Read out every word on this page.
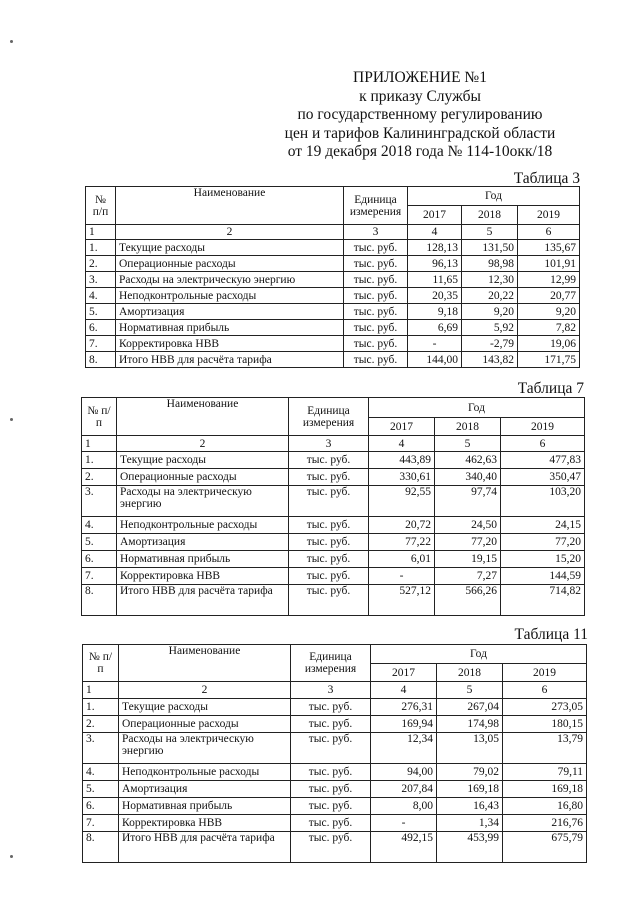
ПРИЛОЖЕНИЕ №1
к приказу Службы
по государственному регулированию
цен и тарифов Калининградской области
от 19 декабря 2018 года № 114-10окк/18
Таблица 3
№ п/п	Наименование	Единица измерения	Год		
			2017	2018	2019
1	2	3	4	5	6
1.	Текущие расходы	тыс. руб.	128,13	131,50	135,67
2.	Операционные расходы	тыс. руб.	96,13	98,98	101,91
3.	Расходы на электрическую энергию	тыс. руб.	11,65	12,30	12,99
4.	Неподконтрольные расходы	тыс. руб.	20,35	20,22	20,77
5.	Амортизация	тыс. руб.	9,18	9,20	9,20
6.	Нормативная прибыль	тыс. руб.	6,69	5,92	7,82
7.	Корректировка НВВ	тыс. руб.	-	-2,79	19,06
8.	Итого НВВ для расчёта тарифа	тыс. руб.	144,00	143,82	171,75
Таблица 7
№ п/п	Наименование	Единица измерения	Год		
			2017	2018	2019
1	2	3	4	5	6
1.	Текущие расходы	тыс. руб.	443,89	462,63	477,83
2.	Операционные расходы	тыс. руб.	330,61	340,40	350,47
3.	Расходы на электрическую энергию	тыс. руб.	92,55	97,74	103,20
4.	Неподконтрольные расходы	тыс. руб.	20,72	24,50	24,15
5.	Амортизация	тыс. руб.	77,22	77,20	77,20
6.	Нормативная прибыль	тыс. руб.	6,01	19,15	15,20
7.	Корректировка НВВ	тыс. руб.	-	7,27	144,59
8.	Итого НВВ для расчёта тарифа	тыс. руб.	527,12	566,26	714,82
Таблица 11
№ п/п	Наименование	Единица измерения	Год		
			2017	2018	2019
1	2	3	4	5	6
1.	Текущие расходы	тыс. руб.	276,31	267,04	273,05
2.	Операционные расходы	тыс. руб.	169,94	174,98	180,15
3.	Расходы на электрическую энергию	тыс. руб.	12,34	13,05	13,79
4.	Неподконтрольные расходы	тыс. руб.	94,00	79,02	79,11
5.	Амортизация	тыс. руб.	207,84	169,18	169,18
6.	Нормативная прибыль	тыс. руб.	8,00	16,43	16,80
7.	Корректировка НВВ	тыс. руб.	-	1,34	216,76
8.	Итого НВВ для расчёта тарифа	тыс. руб.	492,15	453,99	675,79
